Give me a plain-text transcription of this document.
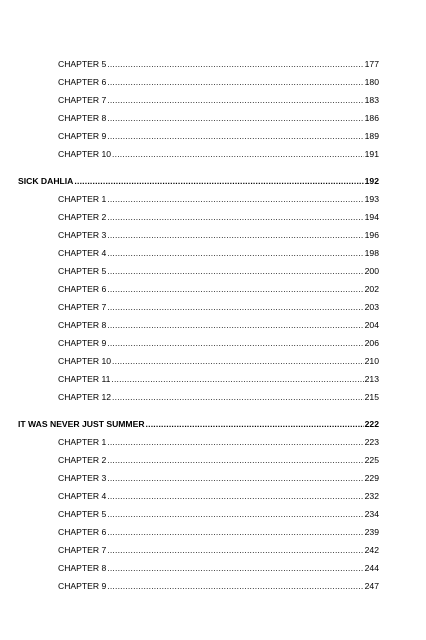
CHAPTER 5 .....	177
CHAPTER 6 .....	180
CHAPTER 7 .....	183
CHAPTER 8 .....	186
CHAPTER 9 .....	189
CHAPTER 10 .....	191
SICK DAHLIA .....	192
CHAPTER 1 .....	193
CHAPTER 2 .....	194
CHAPTER 3 .....	196
CHAPTER 4 .....	198
CHAPTER 5 .....	200
CHAPTER 6 .....	202
CHAPTER 7 .....	203
CHAPTER 8 .....	204
CHAPTER 9 .....	206
CHAPTER 10 .....	210
CHAPTER 11 .....	213
CHAPTER 12 .....	215
IT WAS NEVER JUST SUMMER .....	222
CHAPTER 1 .....	223
CHAPTER 2 .....	225
CHAPTER 3 .....	229
CHAPTER 4 .....	232
CHAPTER 5 .....	234
CHAPTER 6 .....	239
CHAPTER 7 .....	242
CHAPTER 8 .....	244
CHAPTER 9 .....	247
